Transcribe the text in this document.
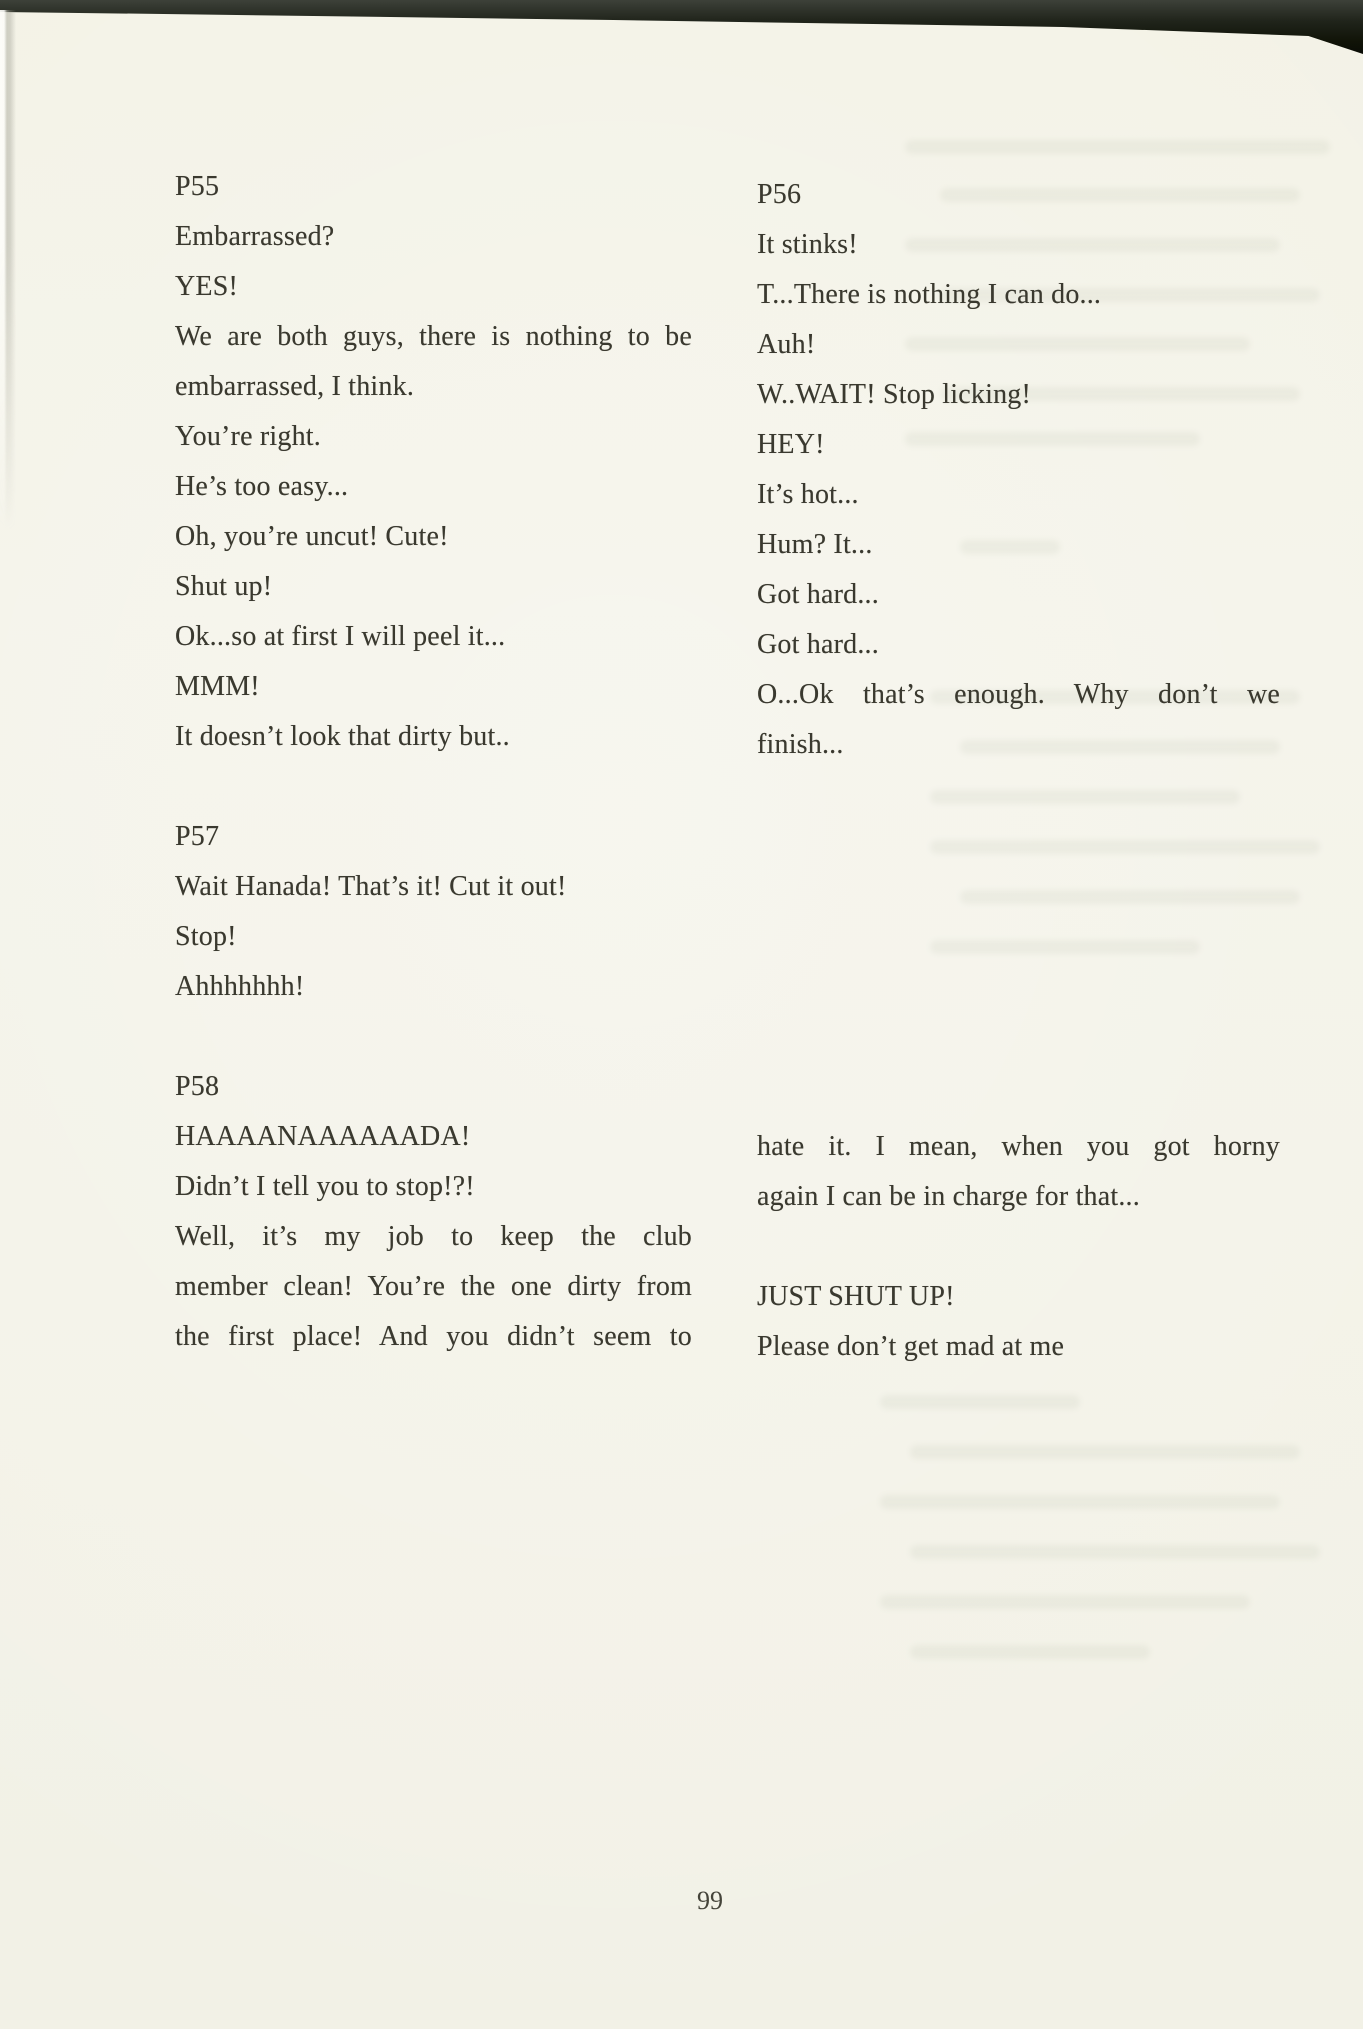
P55
Embarrassed?
YES!
We are both guys, there is nothing to be
embarrassed, I think.
You’re right.
He’s too easy...
Oh, you’re uncut! Cute!
Shut up!
Ok...so at first I will peel it...
MMM!
It doesn’t look that dirty but..
P57
Wait Hanada! That’s it! Cut it out!
Stop!
Ahhhhhhh!
P58
HAAAANAAAAAADA!
Didn’t I tell you to stop!?!
Well, it’s my job to keep the club
member clean! You’re the one dirty from
the first place! And you didn’t seem to
P56
It stinks!
T...There is nothing I can do...
Auh!
W..WAIT! Stop licking!
HEY!
It’s hot...
Hum? It...
Got hard...
Got hard...
O...Ok that’s enough. Why don’t we
finish...
hate it. I mean, when you got horny
again I can be in charge for that...
JUST SHUT UP!
Please don’t get mad at me
99
